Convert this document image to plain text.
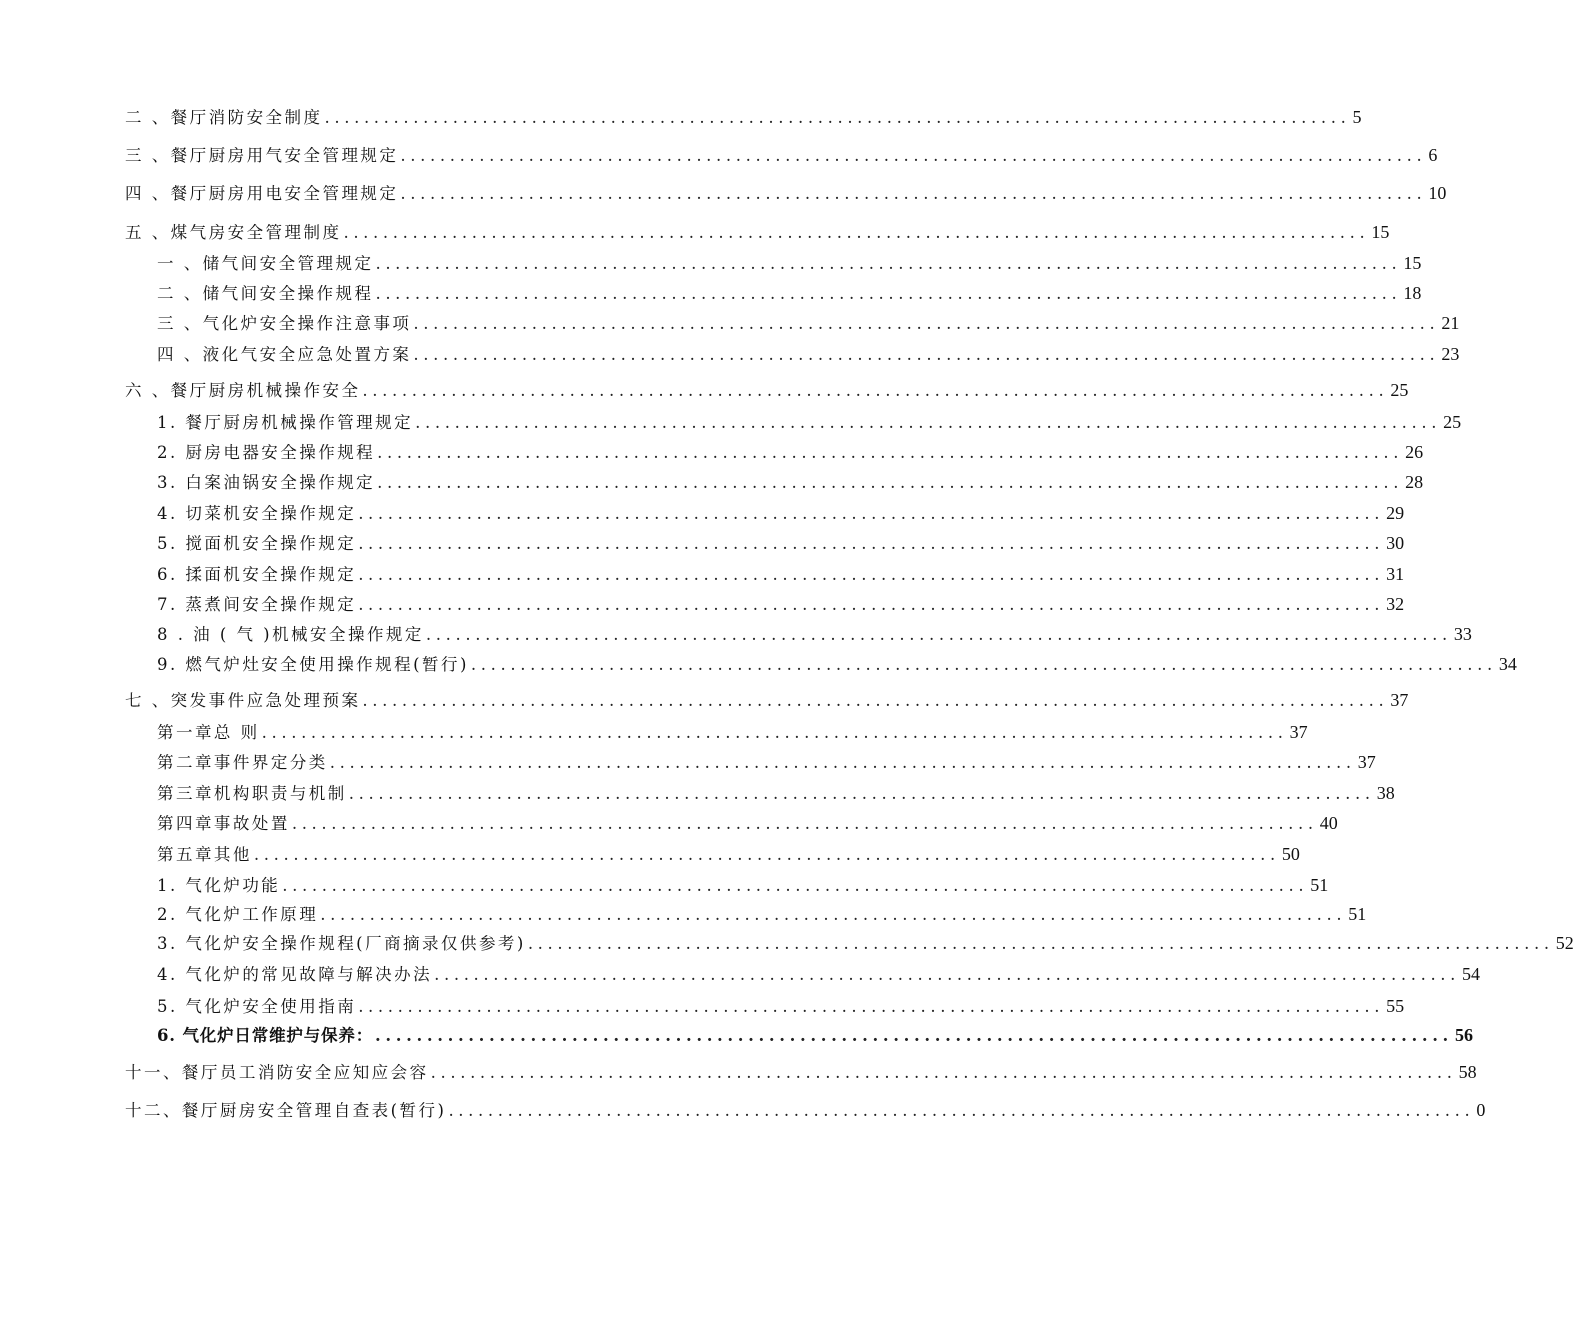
二 、餐厅消防安全制度 ........................................................................................................ 5
三 、餐厅厨房用气安全管理规定 ........................................................................................................ 6
四 、餐厅厨房用电安全管理规定 ........................................................................................................ 10
五 、煤气房安全管理制度 ........................................................................................................ 15
一 、储气间安全管理规定 ........................................................................................................ 15
二 、储气间安全操作规程 ........................................................................................................ 18
三 、气化炉安全操作注意事项 ........................................................................................................ 21
四 、液化气安全应急处置方案 ........................................................................................................ 23
六 、餐厅厨房机械操作安全 ........................................................................................................ 25
1. 餐厅厨房机械操作管理规定 ........................................................................................................ 25
2. 厨房电器安全操作规程 ........................................................................................................ 26
3. 白案油锅安全操作规定 ........................................................................................................ 28
4. 切菜机安全操作规定 ........................................................................................................ 29
5. 搅面机安全操作规定 ........................................................................................................ 30
6. 揉面机安全操作规定 ........................................................................................................ 31
7. 蒸煮间安全操作规定 ........................................................................................................ 32
8 . 油 ( 气 )机械安全操作规定 ........................................................................................................ 33
9. 燃气炉灶安全使用操作规程(暂行) ........................................................................................................ 34
七 、突发事件应急处理预案 ........................................................................................................ 37
第一章总 则 ........................................................................................................ 37
第二章事件界定分类 ........................................................................................................ 37
第三章机构职责与机制 ........................................................................................................ 38
第四章事故处置 ........................................................................................................ 40
第五章其他 ........................................................................................................ 50
1. 气化炉功能 ........................................................................................................ 51
2. 气化炉工作原理 ........................................................................................................ 51
3. 气化炉安全操作规程(厂商摘录仅供参考) ........................................................................................................ 52
4. 气化炉的常见故障与解决办法 ........................................................................................................ 54
5. 气化炉安全使用指南 ........................................................................................................ 55
6. 气化炉日常维护与保养： ........................................................................................................ 56
十一、餐厅员工消防安全应知应会容 ........................................................................................................ 58
十二、餐厅厨房安全管理自查表(暂行) ........................................................................................................ 0
